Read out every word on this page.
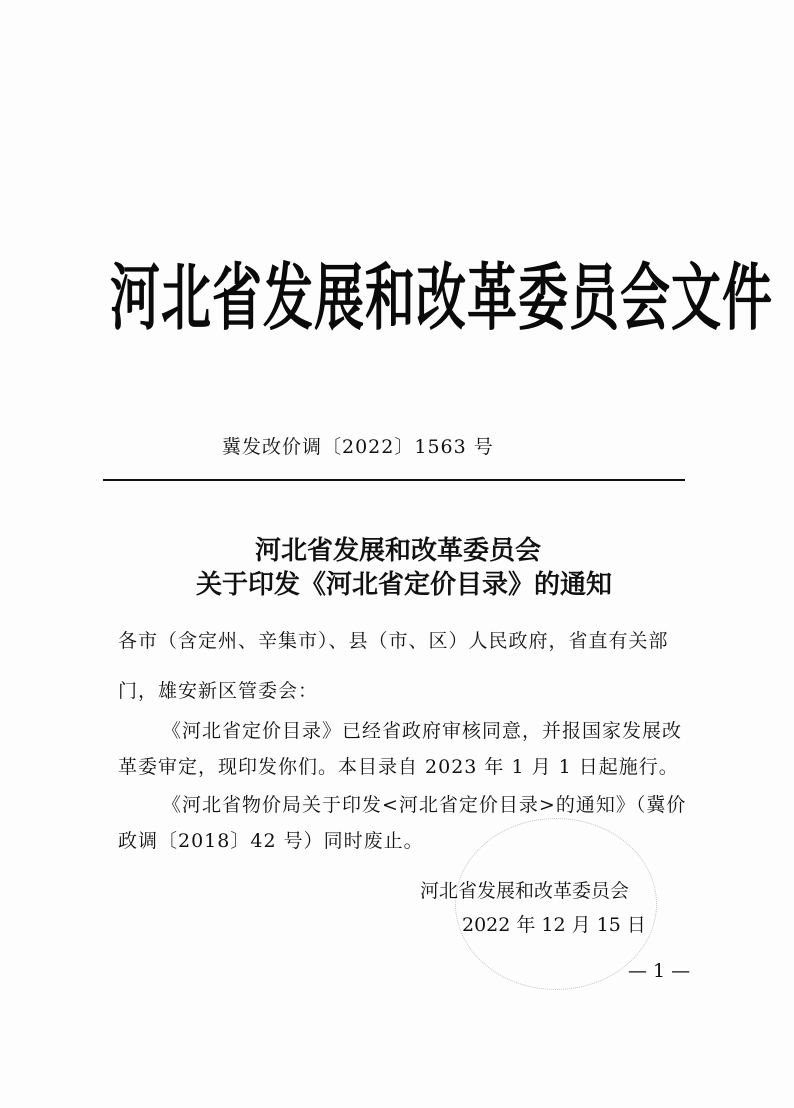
河北省发展和改革委员会文件
冀发改价调〔2022〕1563 号
河北省发展和改革委员会
关于印发《河北省定价目录》的通知
各市（含定州、辛集市）、县（市、区）人民政府，省直有关部
门，雄安新区管委会：
《河北省定价目录》已经省政府审核同意，并报国家发展改
革委审定，现印发你们。本目录自 2023 年 1 月 1 日起施行。
《河北省物价局关于印发<河北省定价目录>的通知》（冀价
政调〔2018〕42 号）同时废止。
河北省发展和改革委员会
2022 年 12 月 15 日
— 1 —
